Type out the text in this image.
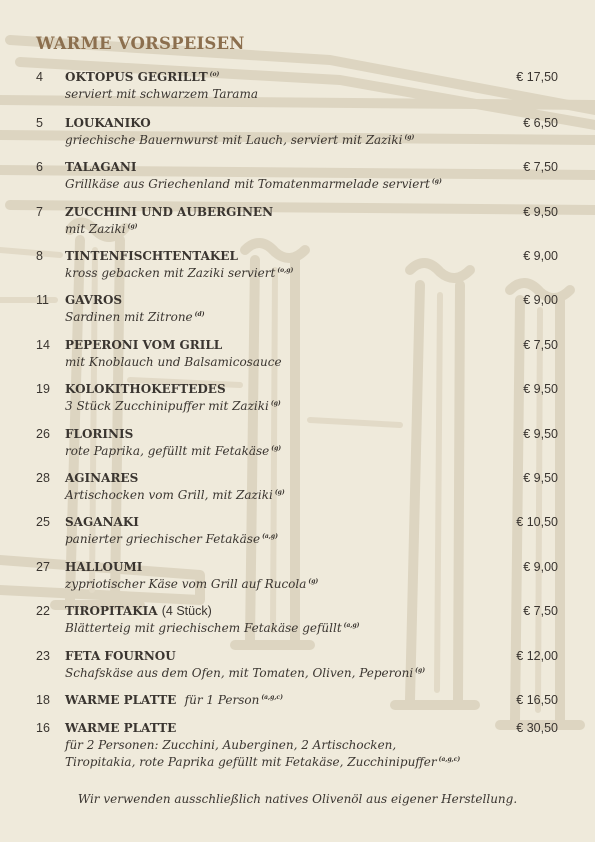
WARME VORSPEISEN
4 OKTOPUS GEGRILLT $^{(o)}$	€ 17,50
serviert mit schwarzem Tarama
5 LOUKANIKO	€ 6,50
griechische Bauernwurst mit Lauch, serviert mit Zaziki $^{(g)}$
6 TALAGANI	€ 7,50
Grillkäse aus Griechenland mit Tomatenmarmelade serviert $^{(g)}$
7 ZUCCHINI UND AUBERGINEN	€ 9,50
mit Zaziki $^{(g)}$
8 TINTENFISCHTENTAKEL	€ 9,00
kross gebacken mit Zaziki serviert $^{(o,g)}$
11 GAVROS	€ 9,00
Sardinen mit Zitrone $^{(d)}$
14 PEPERONI VOM GRILL	€ 7,50
mit Knoblauch und Balsamicosauce
19 KOLOKITHOKEFTEDES	€ 9,50
3 Stück Zucchinipuffer mit Zaziki $^{(g)}$
26 FLORINIS	€ 9,50
rote Paprika, gefüllt mit Fetakäse $^{(g)}$
28 AGINARES	€ 9,50
Artischocken vom Grill, mit Zaziki $^{(g)}$
25 SAGANAKI	€ 10,50
panierter griechischer Fetakäse $^{(a,g)}$
27 HALLOUMI	€ 9,00
zypriotischer Käse vom Grill auf Rucola $^{(g)}$
22 TIROPITAKIA (4 Stück)	€ 7,50
Blätterteig mit griechischem Fetakäse gefüllt $^{(a,g)}$
23 FETA FOURNOU	€ 12,00
Schafskäse aus dem Ofen, mit Tomaten, Oliven, Peperoni $^{(g)}$
18 WARME PLATTE für 1 Person $^{(a,g,c)}$	€ 16,50
16 WARME PLATTE	€ 30,50
für 2 Personen: Zucchini, Auberginen, 2 Artischocken,
Tiropitakia, rote Paprika gefüllt mit Fetakäse, Zucchinipuffer $^{(a,g,c)}$
Wir verwenden ausschließlich natives Olivenöl aus eigener Herstellung.
